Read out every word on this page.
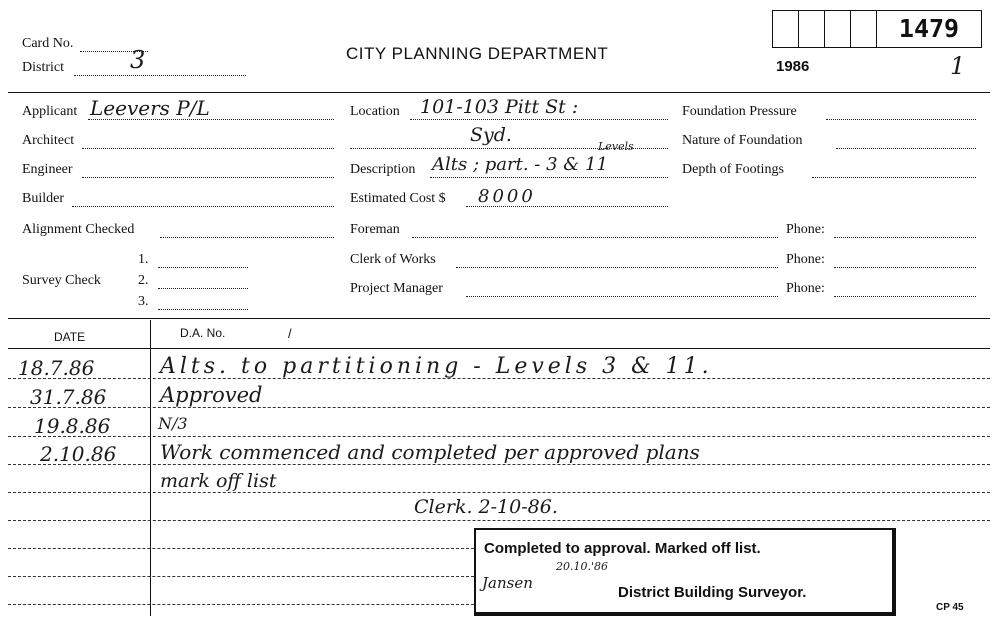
Card No.
District	3	CITY PLANNING DEPARTMENT
1986
1479
1
Applicant Leevers P/L
Architect
Engineer
Builder
Alignment Checked
Survey Check
1.
2.
3.
Location 101-103 Pitt St :
Syd.
Description Alts ; part. - 3 & 11
Levels
Estimated Cost $ 8000
Foreman	Phone:
Clerk of Works	Phone:
Project Manager	Phone:
Foundation Pressure
Nature of Foundation
Depth of Footings
DATE	D.A. No.	/
18.7.86	Alts. to partitioning - Levels 3 & 11.
31.7.86	Approved
19.8.86	N/3
2.10.86 Work commenced and completed per approved plans
mark off list
Clerk. 2-10-86.
Completed to approval. Marked off list.
20.10.'86
Jansen
District Building Surveyor.
CP 45
